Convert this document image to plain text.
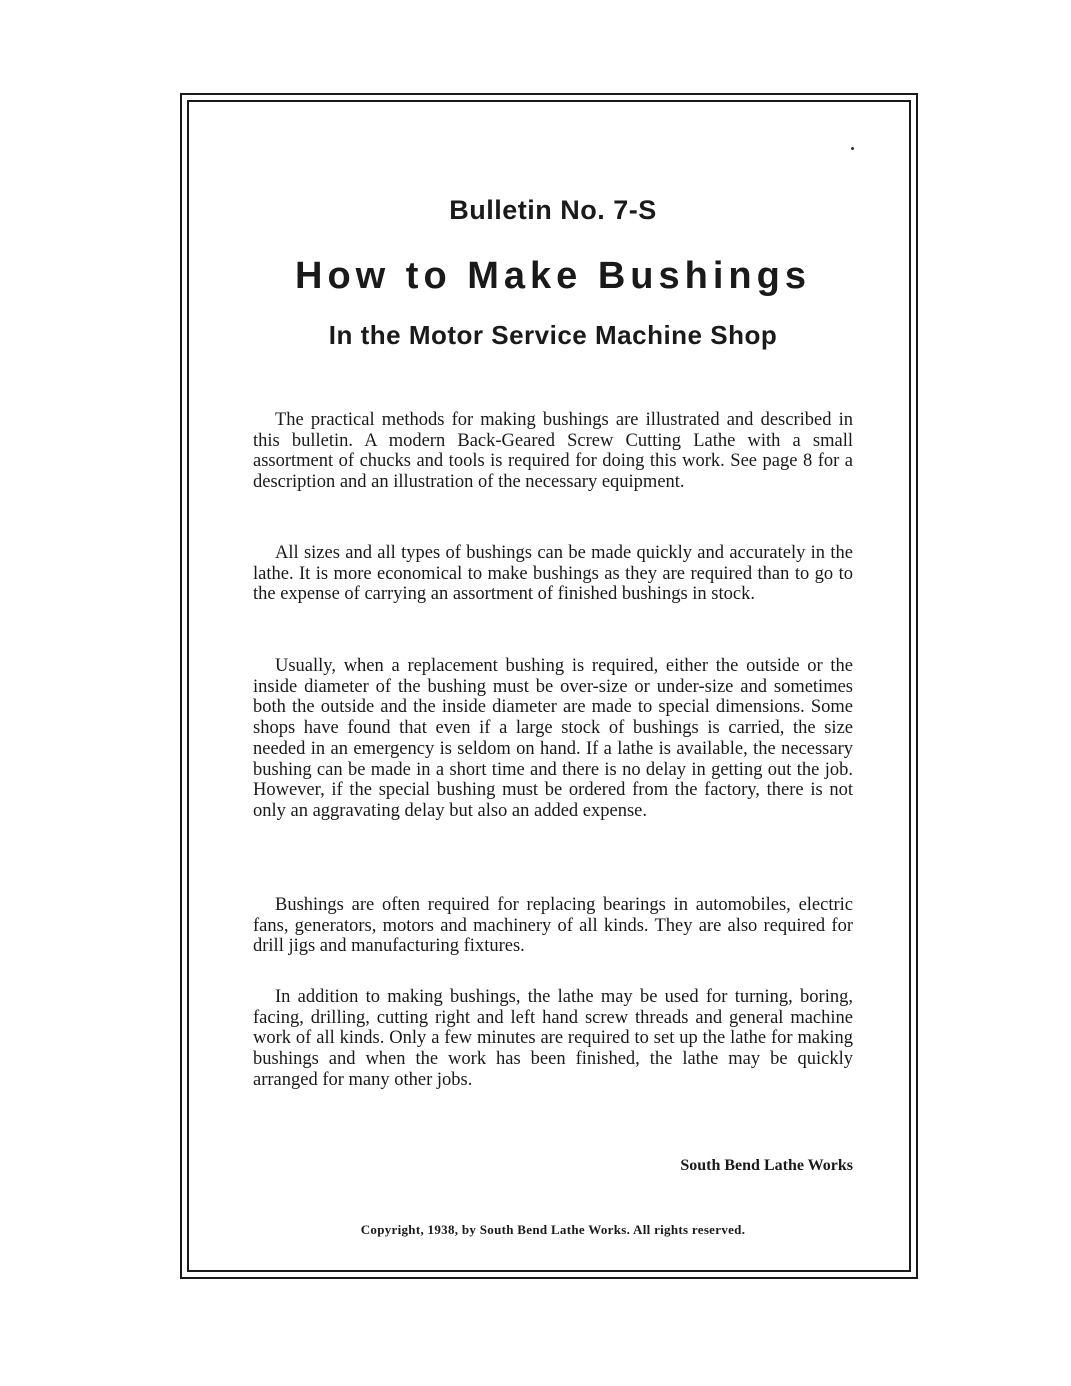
Bulletin No. 7-S
How to Make Bushings
In the Motor Service Machine Shop

The practical methods for making bushings are illustrated and described in this bulletin. A modern Back-Geared Screw Cutting Lathe with a small assortment of chucks and tools is required for doing this work. See page 8 for a description and an illustration of the necessary equipment.

All sizes and all types of bushings can be made quickly and accurately in the lathe. It is more economical to make bushings as they are required than to go to the expense of carrying an assortment of finished bushings in stock.

Usually, when a replacement bushing is required, either the outside or the inside diameter of the bushing must be over-size or under-size and sometimes both the outside and the inside diameter are made to special dimensions. Some shops have found that even if a large stock of bushings is carried, the size needed in an emergency is seldom on hand. If a lathe is available, the necessary bushing can be made in a short time and there is no delay in getting out the job. However, if the special bushing must be ordered from the factory, there is not only an aggravating delay but also an added expense.

Bushings are often required for replacing bearings in automobiles, electric fans, generators, motors and machinery of all kinds. They are also required for drill jigs and manufacturing fixtures.

In addition to making bushings, the lathe may be used for turning, boring, facing, drilling, cutting right and left hand screw threads and general machine work of all kinds. Only a few minutes are required to set up the lathe for making bushings and when the work has been finished, the lathe may be quickly arranged for many other jobs.

South Bend Lathe Works
Copyright, 1938, by South Bend Lathe Works. All rights reserved.
